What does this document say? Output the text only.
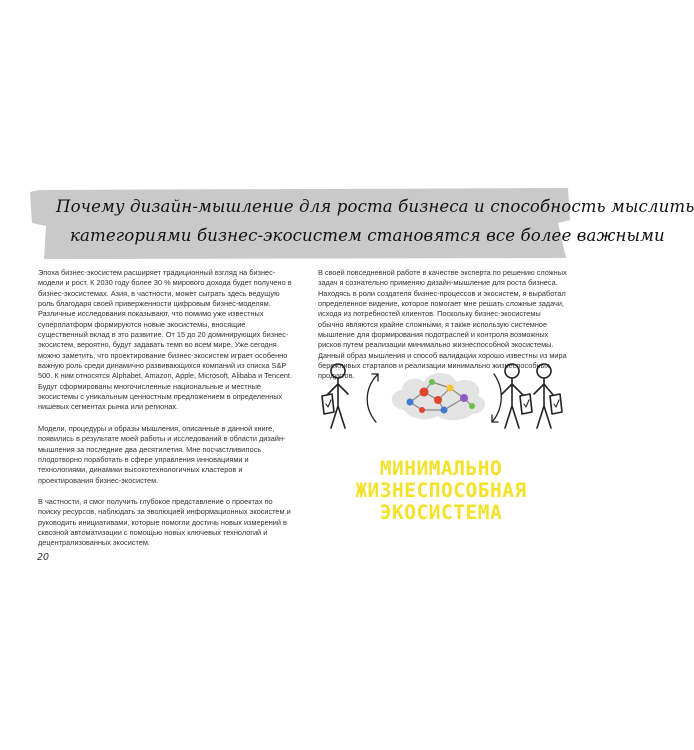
Почему дизайн-мышление для роста бизнеса и способность мыслить
категориями бизнес-экосистем становятся все более важными

Эпоха бизнес-экосистем расширяет традиционный взгляд на бизнес-модели и рост. К 2030 году более 30 % мирового дохода будет получено в бизнес-экосистемах. Азия, в частности, может сыграть здесь ведущую роль благодаря своей приверженности цифровым бизнес-моделям. Различные исследования показывают, что помимо уже известных суперплатформ формируются новые экосистемы, вносящие существенный вклад в это развитие. От 15 до 20 доминирующих бизнес-экосистем, вероятно, будут задавать темп во всем мире. Уже сегодня можно заметить, что проектирование бизнес-экосистем играет особенно важную роль среди динамично развивающихся компаний из списка S&P 500. К ним относятся Alphabet, Amazon, Apple, Microsoft, Alibaba и Tencent. Будут сформированы многочисленные национальные и местные экосистемы с уникальным ценностным предложением в определенных нишевых сегментах рынка или регионах.

Модели, процедуры и образы мышления, описанные в данной книге, появились в результате моей работы и исследований в области дизайн-мышления за последние два десятилетия. Мне посчастливилось плодотворно поработать в сфере управления инновациями и технологиями, динамики высокотехнологичных кластеров и проектирования бизнес-экосистем.

В частности, я смог получить глубокое представление о проектах по поиску ресурсов, наблюдать за эволюцией информационных экосистем и руководить инициативами, которые помогли достичь новых измерений в сквозной автоматизации с помощью новых ключевых технологий и децентрализованных экосистем.

В своей повседневной работе в качестве эксперта по решению сложных задач я сознательно применяю дизайн-мышление для роста бизнеса. Находясь в роли создателя бизнес-процессов и экосистем, я выработал определенное видение, которое помогает мне решать сложные задачи, исходя из потребностей клиентов. Поскольку бизнес-экосистемы обычно являются крайне сложными, я также использую системное мышление для формирования подотраслей и контроля возможных рисков путем реализации минимально жизнеспособной экосистемы. Данный образ мышления и способ валидации хорошо известны из мира бережливых стартапов и реализации минимально жизнеспособных продуктов.

МИНИМАЛЬНО
ЖИЗНЕСПОСОБНАЯ
ЭКОСИСТЕМА
20
